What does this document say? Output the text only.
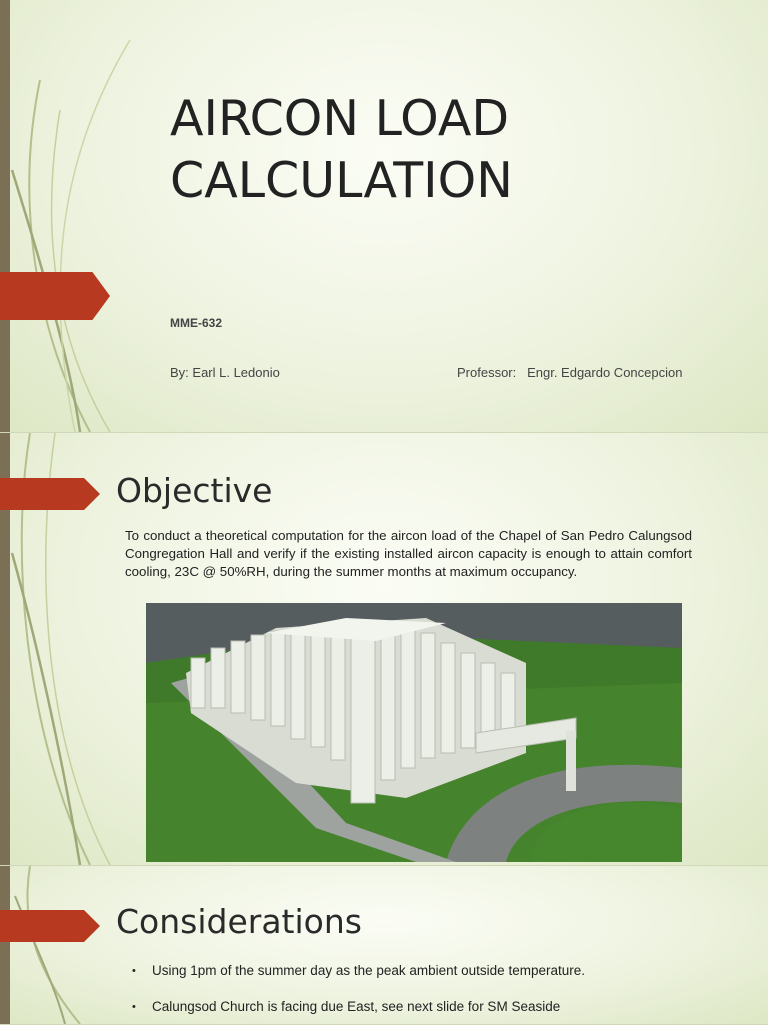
AIRCON LOAD CALCULATION
MME-632
By: Earl L. Ledonio	Professor:   Engr. Edgardo Concepcion
Objective
To conduct a theoretical computation for the aircon load of the Chapel of San Pedro Calungsod Congregation Hall and verify if the existing installed aircon capacity is enough to attain comfort cooling, 23C @ 50%RH, during the summer months at maximum occupancy.
Considerations
• Using 1pm of the summer day as the peak ambient outside temperature.
• Calungsod Church is facing due East, see next slide for SM Seaside
